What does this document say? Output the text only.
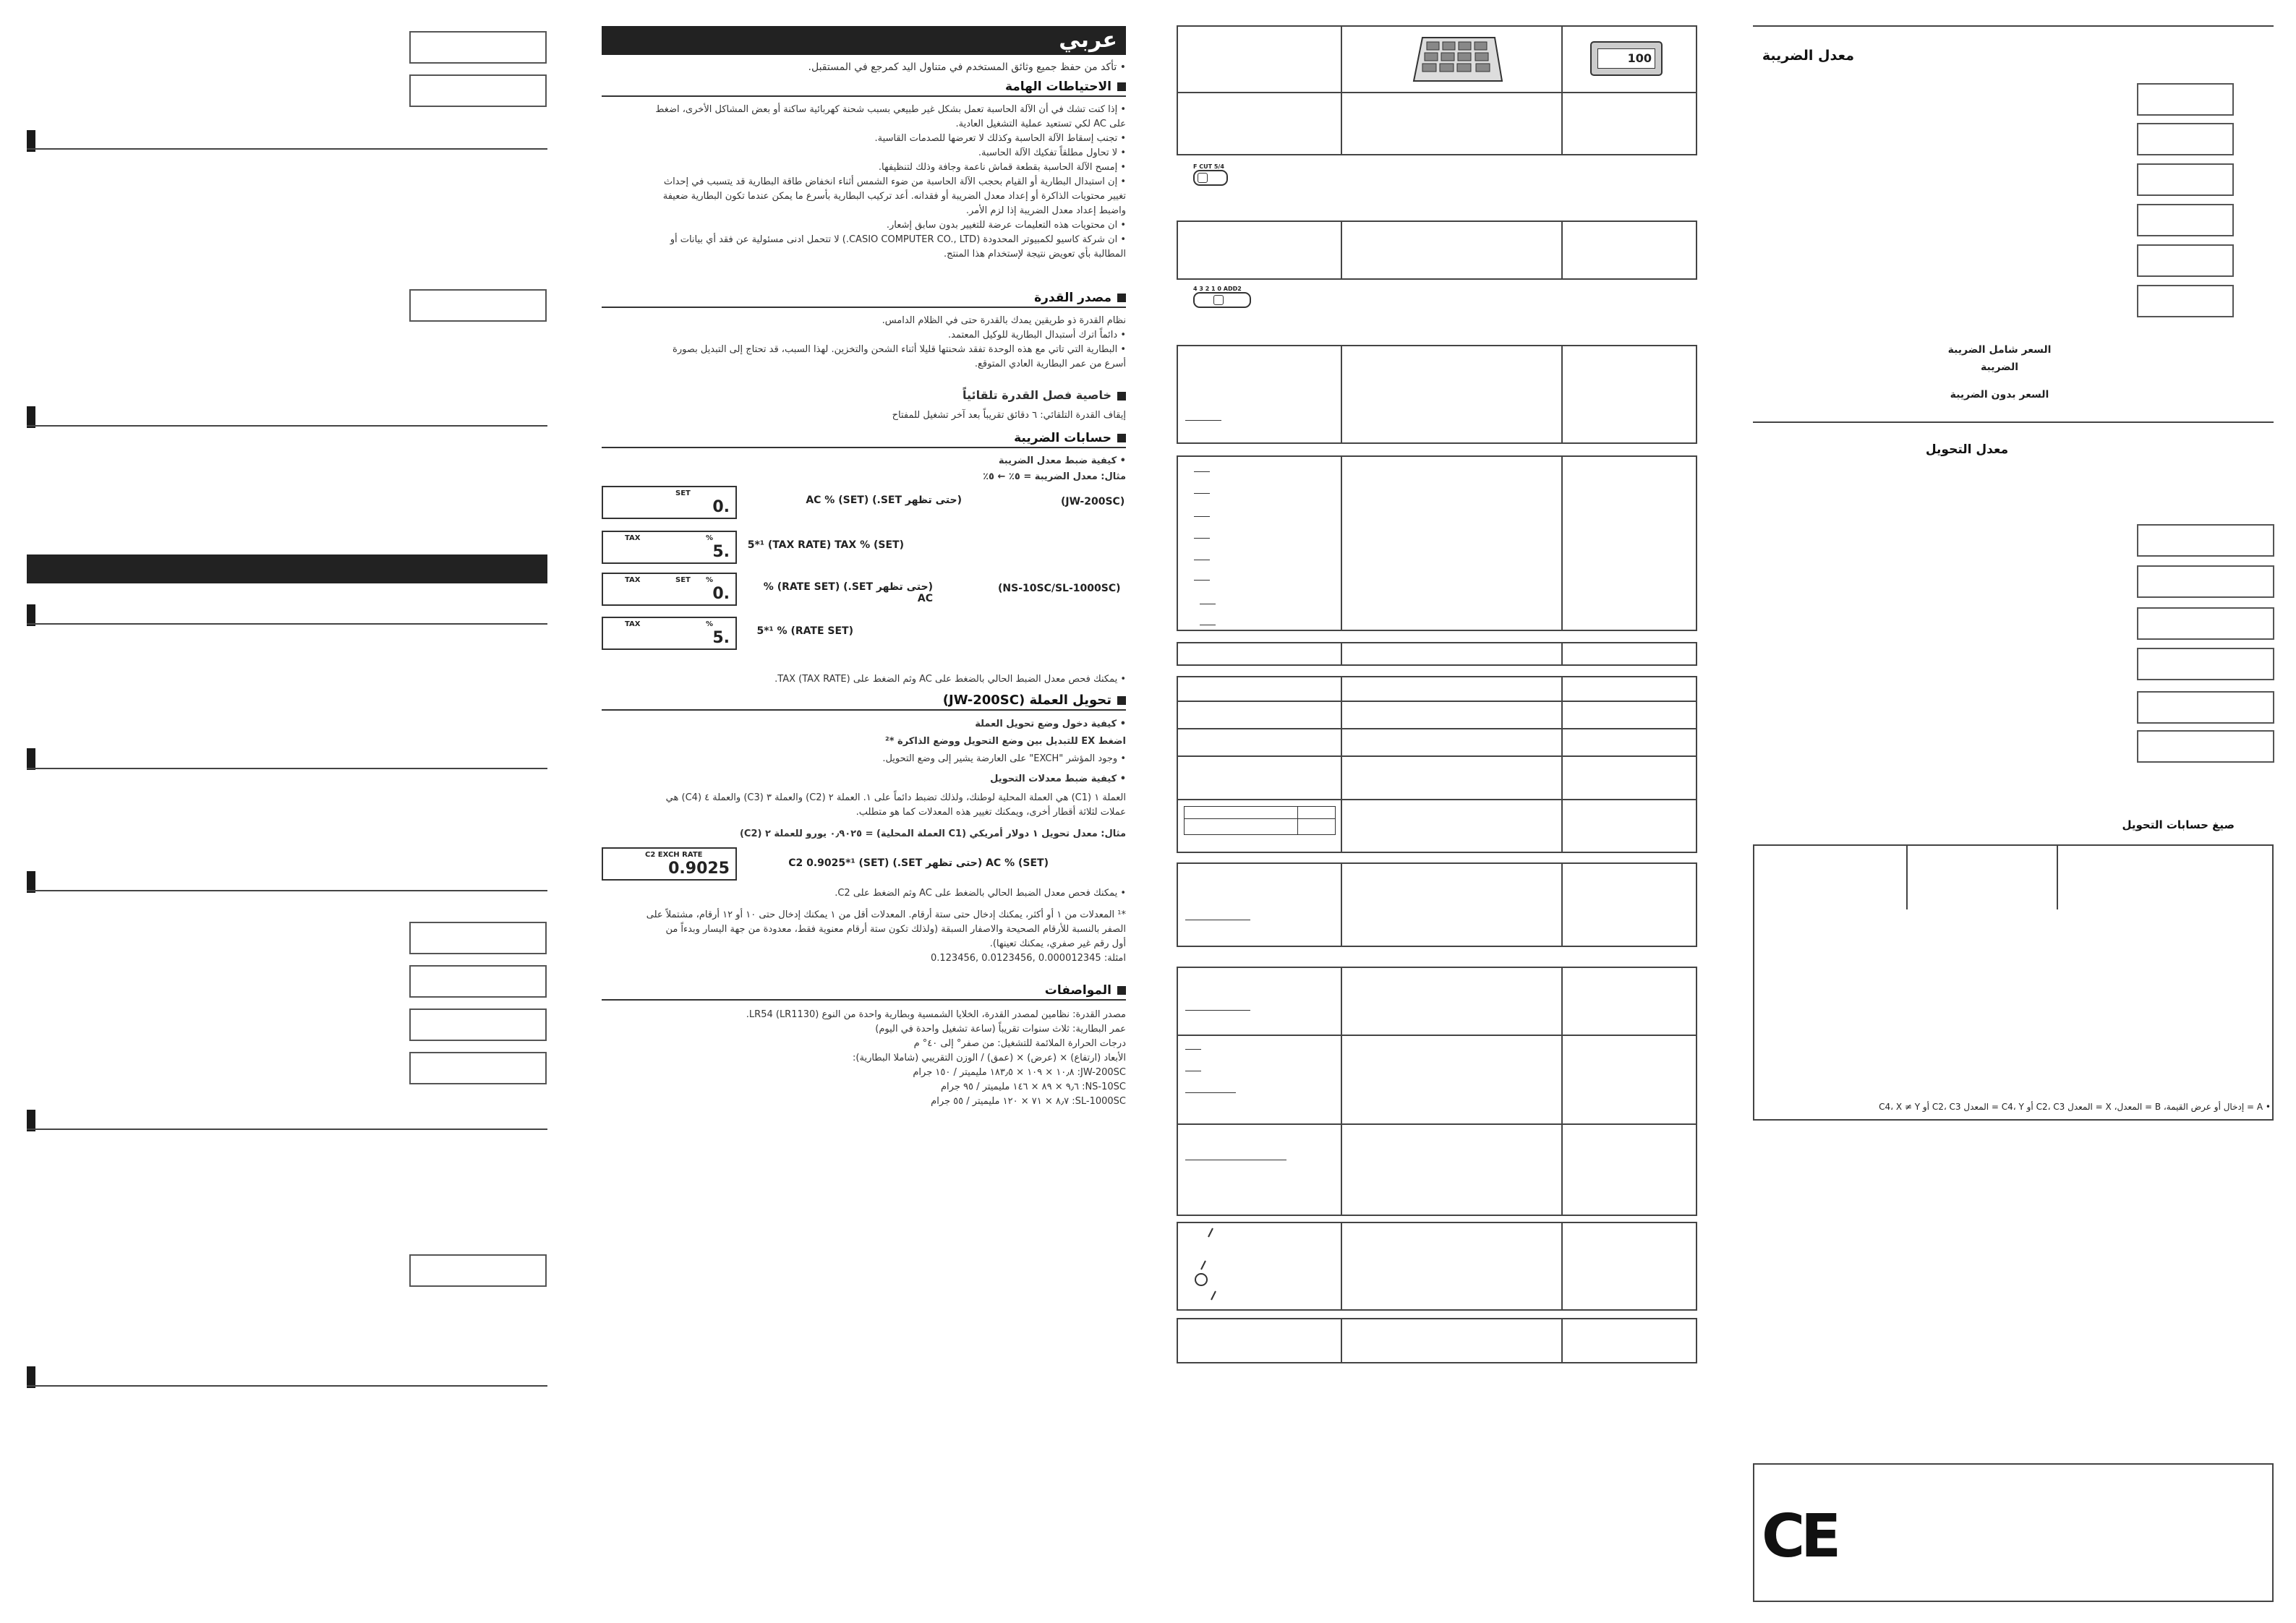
عربي
• تأكد من حفظ جميع وثائق المستخدم في متناول اليد كمرجع في المستقبل.
الاحتياطات الهامة
• إذا كنت تشك في أن الآلة الحاسبة تعمل بشكل غير طبيعي بسبب شحنة كهربائية ساكنة أو بعض المشاكل الأخرى، اضغط
على AC لكي تستعيد عملية التشغيل العادية.
• تجنب إسقاط الآلة الحاسبة وكذلك لا تعرضها للصدمات القاسية.
• لا تحاول مطلقاً تفكيك الآلة الحاسبة.
• إمسح الآلة الحاسبة بقطعة قماش ناعمة وجافة وذلك لتنظيفها.
• إن استبدال البطارية أو القيام بحجب الآلة الحاسبة من ضوء الشمس أثناء انخفاض طاقة البطارية قد يتسبب في إحداث
تغيير محتويات الذاكرة أو إعداد معدل الضريبة أو فقدانه. أعد تركيب البطارية بأسرع ما يمكن عندما تكون البطارية ضعيفة
واضبط إعداد معدل الضريبة إذا لزم الأمر.
• ان محتويات هذه التعليمات عرضة للتغيير بدون سابق إشعار.
• ان شركة كاسيو لكمبيوتر المحدودة (CASIO COMPUTER CO., LTD.) لا تتحمل ادنى مسئولية عن فقد أي بيانات أو
المطالبة بأي تعويض نتيجة لإستخدام هذا المنتج.
مصدر القدرة
نظام القدرة ذو طريقين يمدك بالقدرة حتى في الظلام الدامس.
• دائماً اترك أستبدال البطارية للوكيل المعتمد.
• البطارية التي تاتي مع هذه الوحدة تفقد شحنتها قليلا أثناء الشحن والتخزين. لهذا السبب، قد تحتاج إلى التبديل بصورة
أسرع من عمر البطارية العادي المتوقع.
خاصية فصل القدرة تلقائياً
إيقاف القدرة التلقائي: ٦ دقائق تقريباً بعد آخر تشغيل للمفتاح
حسابات الضريبة
• كيفية ضبط معدل الضريبة
مثال: معدل الضريبة = ٥٪ ← ٥٪
SET
0.	(حتى تظهر SET.) (SET) % AC	(JW-200SC)
TAX	%
5. (SET) % 5*¹ (TAX RATE) TAX
TAX	SET %
0.	(حتى تظهر SET.) (RATE SET) % AC
(NS-10SC/SL-1000SC)
TAX	%
5.	(RATE SET) % 5*¹
• يمكنك فحص معدل الضبط الحالي بالضغط على AC وثم الضغط على TAX (TAX RATE).
تحويل العملة (JW-200SC)
• كيفية دخول وضع تحويل العملة
اضغط EX للتبديل بين وضع التحويل ووضع الذاكرة *²
• وجود المؤشر "EXCH" على العارضة يشير إلى وضع التحويل.
• كيفية ضبط معدلات التحويل
العملة ١ (C1) هي العملة المحلية لوطنك، ولذلك تضبط دائماً على ١. العملة ٢ (C2) والعملة ٣ (C3) والعملة ٤ (C4) هي
عملات لثلاثة أقطار أخرى، ويمكنك تغيير هذه المعدلات كما هو متطلب.
مثال: معدل تحويل ١ دولار أمريكي (C1 العملة المحلية) = ٠٫٩٠٢٥ يورو للعملة ٢ (C2)
C2 EXCH RATE
0.9025	(SET) % AC (حتى تظهر SET.) C2 0.9025*¹ (SET)
• يمكنك فحص معدل الضبط الحالي بالضغط على AC وثم الضغط على C2.
*¹ المعدلات من ١ أو أكثر، يمكنك إدخال حتى ستة أرقام. المعدلات أقل من ١ يمكنك إدخال حتى ١٠ أو ١٢ أرقام، مشتملاً على
الصفر بالنسبة للأرقام الصحيحة والاصفار السبقة (ولذلك تكون ستة أرقام معنوية فقط، معدودة من جهة اليسار وبدءاً من
أول رقم غير صفري، يمكنك تعينها).
امثلة: 0.000012345 ,0.0123456 ,0.123456
المواصفات
مصدر القدرة: نظامين لمصدر القدرة، الخلايا الشمسية وبطارية واحدة من النوع LR54 (LR1130).
عمر البطارية: ثلاث سنوات تقريباً (ساعة تشغيل واحدة في اليوم)
درجات الحرارة الملائمة للتشغيل: من صفر° إلى ٤٠° م
الأبعاد (ارتفاع) × (عرض) × (عمق) / الوزن التقريبي (شاملا البطارية):
JW-200SC: ١٠٫٨ × ١٠٩ × ١٨٣٫٥ مليميتر / ١٥٠ جرام
NS-10SC: ٩٫٦ × ٨٩ × ١٤٦ مليميتر / ٩٥ جرام
SL-1000SC: ٨٫٧ × ٧١ × ١٢٠ مليميتر / ٥٥ جرام
100
F CUT 5/4
4 3 2 1 0 ADD2
معدل الضريبة
السعر شامل الضريبة
الضريبة
السعر بدون الضريبة
معدل التحويل
صيغ حسابات التحويل
• A = إدخال أو عرض القيمة، B = المعدل، X = المعدل C2، C3 أو C4، Y = المعدل C2، C3 أو C4، X ≠ Y
CE
